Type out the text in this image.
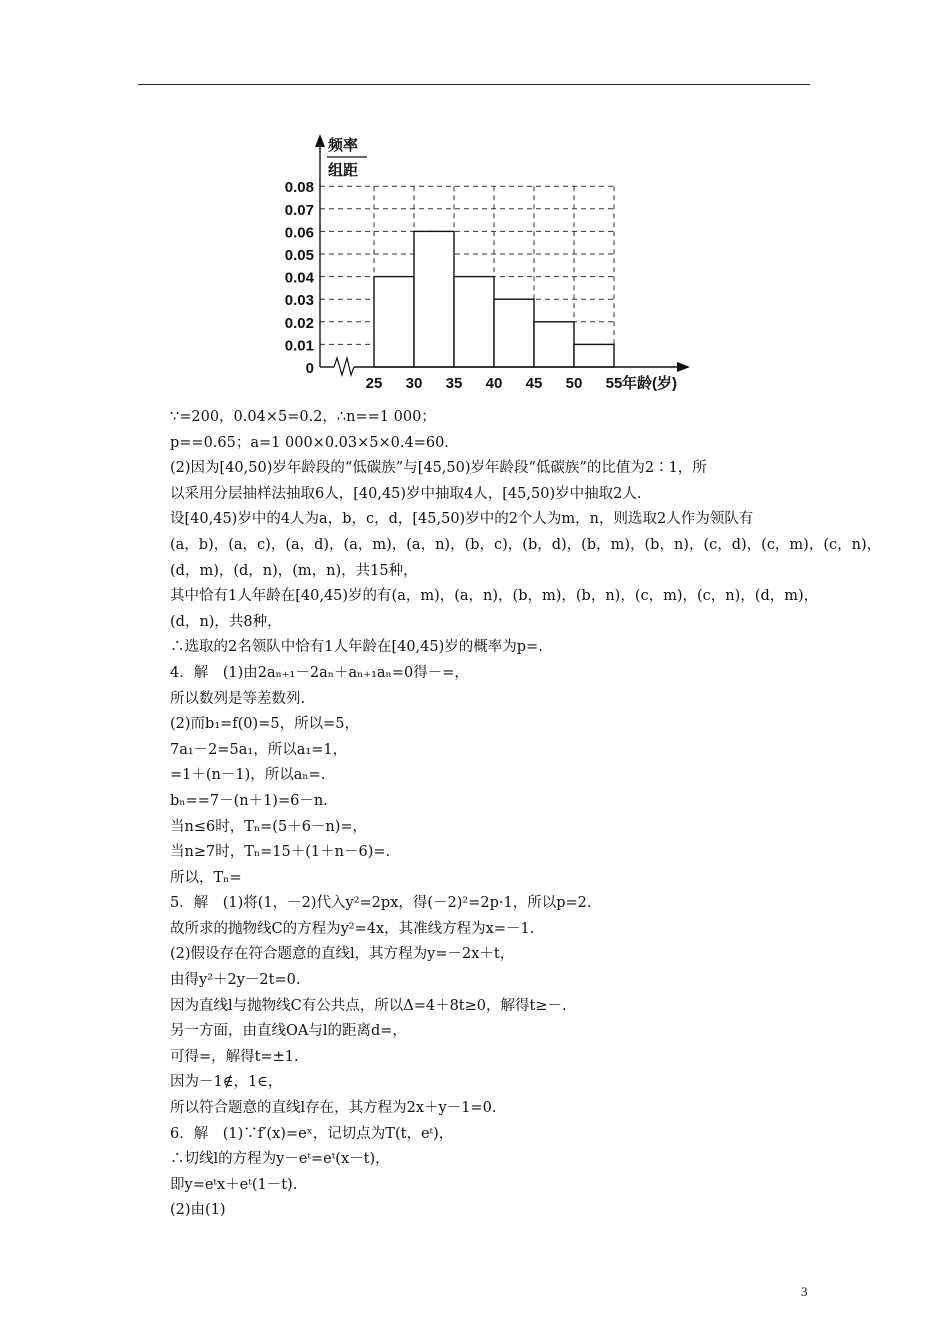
0
0.01
0.02
0.03
0.04
0.05
0.06
0.07
0.08
25 30 35 40 45 50 55 年龄(岁)
频率
组距
∵=200，0.04×5=0.2，∴n==1 000；
p==0.65；a=1 000×0.03×5×0.4=60.
(2)因为[40,50)岁年龄段的“低碳族”与[45,50)岁年龄段“低碳族”的比值为2∶1，所
以采用分层抽样法抽取6人，[40,45)岁中抽取4人，[45,50)岁中抽取2人.
设[40,45)岁中的4人为a，b，c，d，[45,50)岁中的2个人为m，n，则选取2人作为领队有
(a，b)，(a，c)，(a，d)，(a，m)，(a，n)，(b，c)，(b，d)，(b，m)，(b，n)，(c，d)，(c，m)，(c，n)，
(d，m)，(d，n)，(m，n)，共15种，
其中恰有1人年龄在[40,45)岁的有(a，m)，(a，n)，(b，m)，(b，n)，(c，m)，(c，n)，(d，m)，
(d，n)，共8种，
∴选取的2名领队中恰有1人年龄在[40,45)岁的概率为p=.
4．解　(1)由2aₙ₊₁－2aₙ＋aₙ₊₁aₙ=0得－=，
所以数列是等差数列.
(2)而b₁=f(0)=5，所以=5，
7a₁－2=5a₁，所以a₁=1，
=1＋(n－1)，所以aₙ=.
bₙ==7－(n＋1)=6－n.
当n≤6时，Tₙ=(5＋6－n)=，
当n≥7时，Tₙ=15＋(1＋n－6)=.
所以，Tₙ=
5．解　(1)将(1，－2)代入y²=2px，得(－2)²=2p·1，所以p=2.
故所求的抛物线C的方程为y²=4x，其准线方程为x=－1.
(2)假设存在符合题意的直线l，其方程为y=－2x＋t，
由得y²＋2y－2t=0.
因为直线l与抛物线C有公共点，所以Δ=4＋8t≥0，解得t≥－.
另一方面，由直线OA与l的距离d=，
可得=，解得t=±1.
因为－1∉，1∈，
所以符合题意的直线l存在，其方程为2x＋y－1=0.
6．解　(1)∵f′(x)=eˣ，记切点为T(t，eᵗ)，
∴切线l的方程为y－eᵗ=eᵗ(x－t)，
即y=eᵗx＋eᵗ(1－t).
(2)由(1)
3
